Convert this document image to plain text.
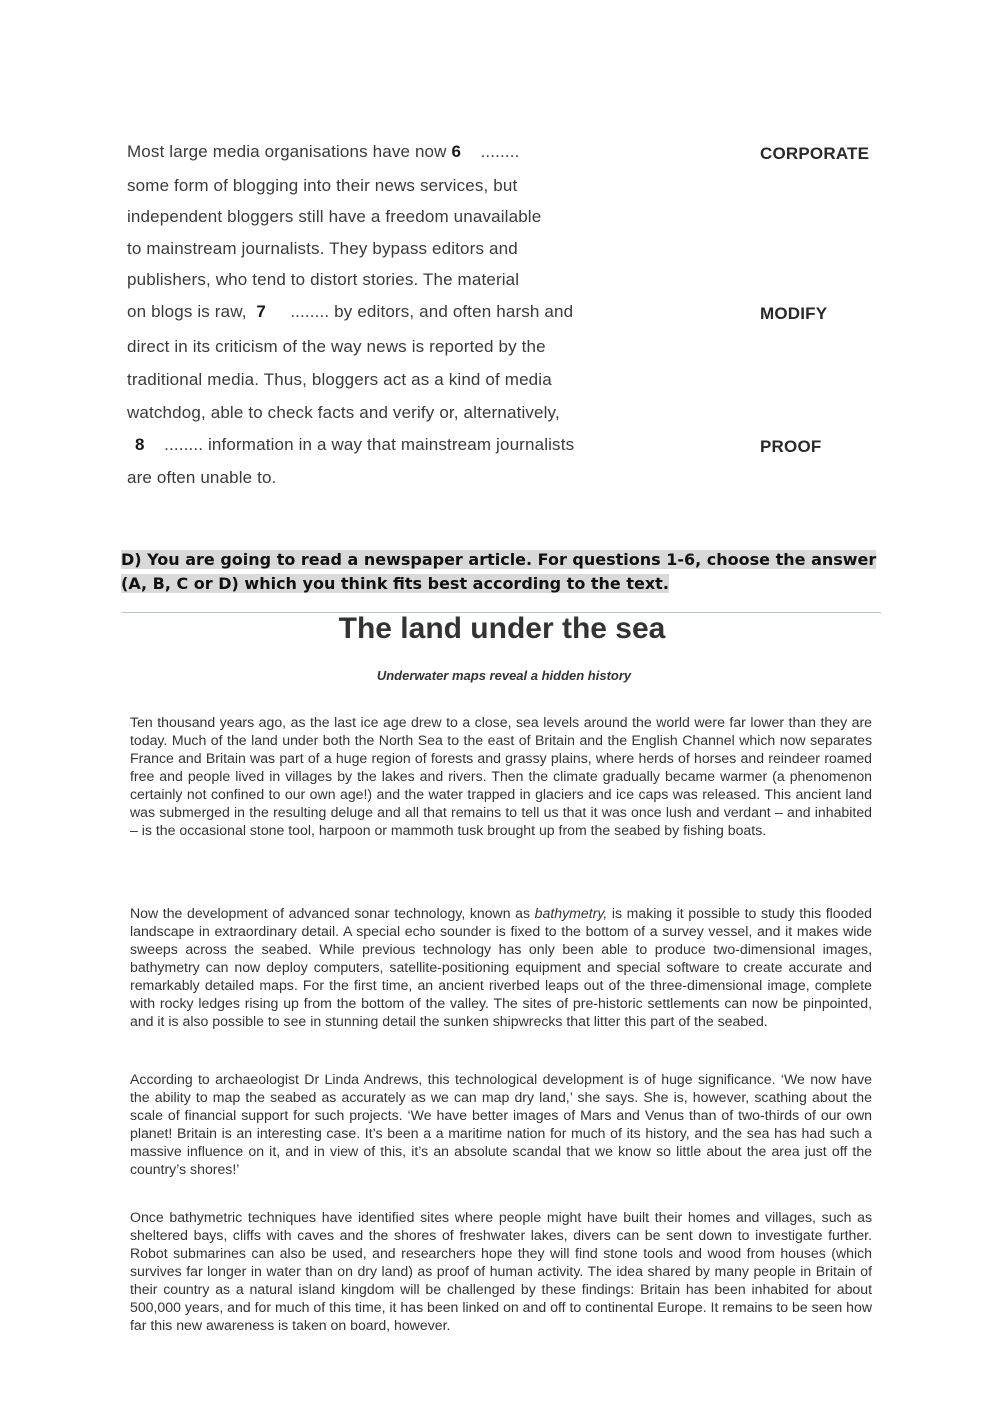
Most large media organisations have now 6 ........
some form of blogging into their news services, but
independent bloggers still have a freedom unavailable
to mainstream journalists. They bypass editors and
publishers, who tend to distort stories. The material
on blogs is raw,  7 ........ by editors, and often harsh and
direct in its criticism of the way news is reported by the
traditional media. Thus, bloggers act as a kind of media
watchdog, able to check facts and verify or, alternatively,
8 ........ information in a way that mainstream journalists
are often unable to.
CORPORATE
MODIFY
PROOF
D) You are going to read a newspaper article. For questions 1-6, choose the answer (A, B, C or D) which you think fits best according to the text.
The land under the sea
Underwater maps reveal a hidden history

Ten thousand years ago, as the last ice age drew to a close, sea levels around the world were far lower than they are today. Much of the land under both the North Sea to the east of Britain and the English Channel which now separates France and Britain was part of a huge region of forests and grassy plains, where herds of horses and reindeer roamed free and people lived in villages by the lakes and rivers. Then the climate gradually became warmer (a phenomenon certainly not confined to our own age!) and the water trapped in glaciers and ice caps was released. This ancient land was submerged in the resulting deluge and all that remains to tell us that it was once lush and verdant – and inhabited – is the occasional stone tool, harpoon or mammoth tusk brought up from the seabed by fishing boats.

Now the development of advanced sonar technology, known as bathymetry, is making it possible to study this flooded landscape in extraordinary detail. A special echo sounder is fixed to the bottom of a survey vessel, and it makes wide sweeps across the seabed. While previous technology has only been able to produce two-dimensional images, bathymetry can now deploy computers, satellite-positioning equipment and special software to create accurate and remarkably detailed maps. For the first time, an ancient riverbed leaps out of the three-dimensional image, complete with rocky ledges rising up from the bottom of the valley. The sites of pre-historic settlements can now be pinpointed, and it is also possible to see in stunning detail the sunken shipwrecks that litter this part of the seabed.

According to archaeologist Dr Linda Andrews, this technological development is of huge significance. ‘We now have the ability to map the seabed as accurately as we can map dry land,’ she says. She is, however, scathing about the scale of financial support for such projects. ‘We have better images of Mars and Venus than of two-thirds of our own planet! Britain is an interesting case. It’s been a a maritime nation for much of its history, and the sea has had such a massive influence on it, and in view of this, it’s an absolute scandal that we know so little about the area just off the country’s shores!’

Once bathymetric techniques have identified sites where people might have built their homes and villages, such as sheltered bays, cliffs with caves and the shores of freshwater lakes, divers can be sent down to investigate further. Robot submarines can also be used, and researchers hope they will find stone tools and wood from houses (which survives far longer in water than on dry land) as proof of human activity. The idea shared by many people in Britain of their country as a natural island kingdom will be challenged by these findings: Britain has been inhabited for about 500,000 years, and for much of this time, it has been linked on and off to continental Europe. It remains to be seen how far this new awareness is taken on board, however.
